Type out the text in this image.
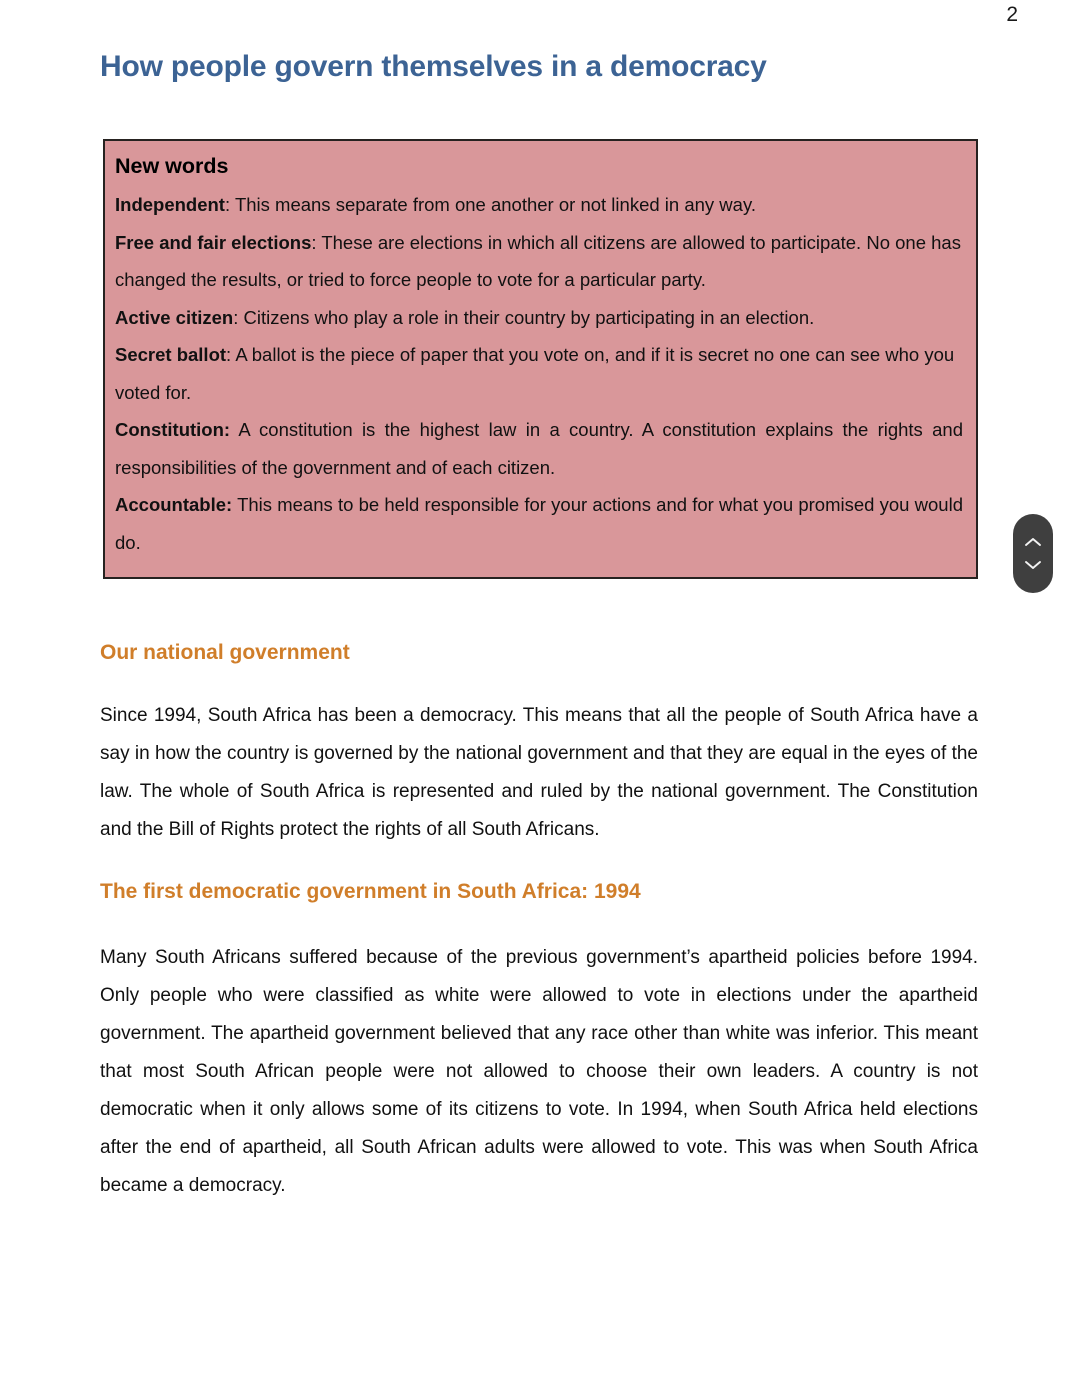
2
How people govern themselves in a democracy
Our national government

Since 1994, South Africa has been a democracy. This means that all the people of South Africa have a say in how the country is governed by the national government and that they are equal in the eyes of the law. The whole of South Africa is represented and ruled by the national government. The Constitution and the Bill of Rights protect the rights of all South Africans.

The first democratic government in South Africa: 1994

Many South Africans suffered because of the previous government’s apartheid policies before 1994. Only people who were classified as white were allowed to vote in elections under the apartheid government. The apartheid government believed that any race other than white was inferior. This meant that most South African people were not allowed to choose their own leaders. A country is not democratic when it only allows some of its citizens to vote. In 1994, when South Africa held elections after the end of apartheid, all South African adults were allowed to vote. This was when South Africa became a democracy.

New words

Independent: This means separate from one another or not linked in any way.

Free and fair elections: These are elections in which all citizens are allowed to participate. No one has changed the results, or tried to force people to vote for a particular party.

Active citizen: Citizens who play a role in their country by participating in an election.

Secret ballot: A ballot is the piece of paper that you vote on, and if it is secret no one can see who you voted for.

Constitution: A constitution is the highest law in a country. A constitution explains the rights and responsibilities of the government and of each citizen.

Accountable: This means to be held responsible for your actions and for what you promised you would do.
